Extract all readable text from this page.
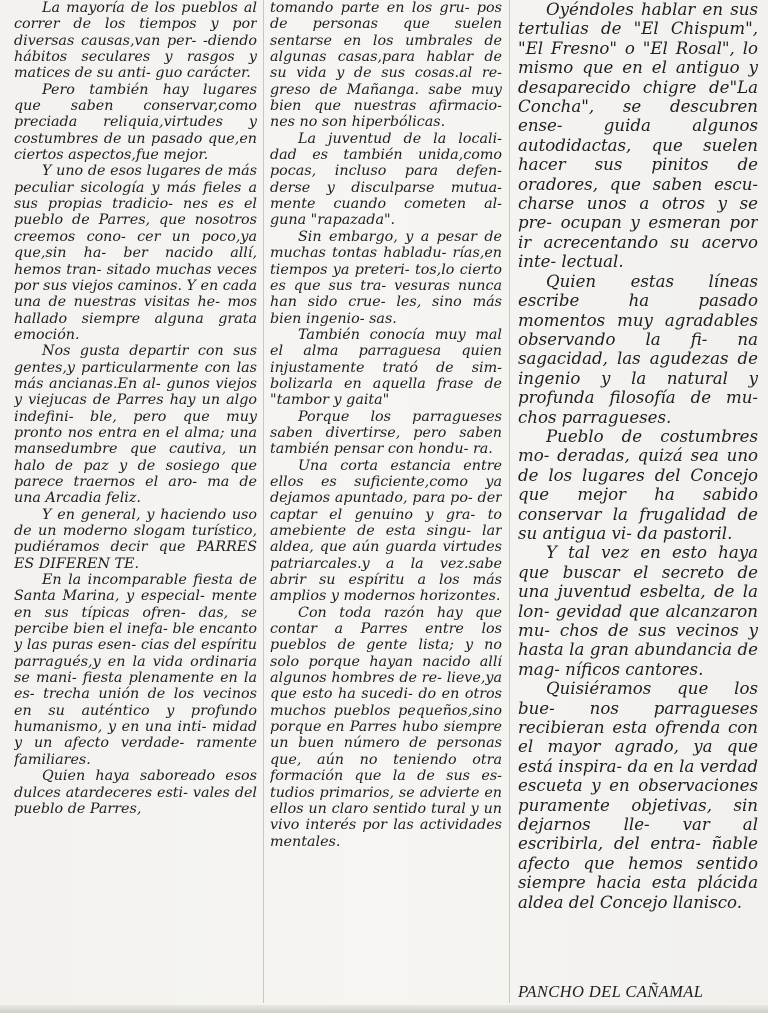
La mayoría de los pueblos al correr de los tiempos y por diversas causas,van per- -diendo hábitos seculares y rasgos y matices de su anti- guo carácter.

Pero también hay lugares que saben conservar,como preciada reliquia,virtudes y costumbres de un pasado que,en ciertos aspectos,fue mejor.

Y uno de esos lugares de más peculiar sicología y más fieles a sus propias tradicio- nes es el pueblo de Parres, que nosotros creemos cono- cer un poco,ya que,sin ha- ber nacido allí, hemos tran- sitado muchas veces por sus viejos caminos. Y en cada una de nuestras visitas he- mos hallado siempre alguna grata emoción.

Nos gusta departir con sus gentes,y particularmente con las más ancianas.En al- gunos viejos y viejucas de Parres hay un algo indefini- ble, pero que muy pronto nos entra en el alma; una mansedumbre que cautiva, un halo de paz y de sosiego que parece traernos el aro- ma de una Arcadia feliz.

Y en general, y haciendo uso de un moderno slogam turístico, pudiéramos decir que PARRES ES DIFEREN TE.

En la incomparable fiesta de Santa Marina, y especial- mente en sus típicas ofren- das, se percibe bien el inefa- ble encanto y las puras esen- cias del espíritu parragués,y en la vida ordinaria se mani- fiesta plenamente en la es- trecha unión de los vecinos en su auténtico y profundo humanismo, y en una inti- midad y un afecto verdade- ramente familiares.

Quien haya saboreado esos dulces atardeceres esti- vales del pueblo de Parres,

tomando parte en los gru- pos de personas que suelen sentarse en los umbrales de algunas casas,para hablar de su vida y de sus cosas.al re- greso de Mañanga. sabe muy bien que nuestras afirmacio- nes no son hiperbólicas.

La juventud de la locali- dad es también unida,como pocas, incluso para defen- derse y disculparse mutua- mente cuando cometen al- guna "rapazada".

Sin embargo, y a pesar de muchas tontas habladu- rías,en tiempos ya preteri- tos,lo cierto es que sus tra- vesuras nunca han sido crue- les, sino más bien ingenio- sas.

También conocía muy mal el alma parraguesa quien injustamente trató de sim- bolizarla en aquella frase de "tambor y gaita"

Porque los parragueses saben divertirse, pero saben también pensar con hondu- ra.

Una corta estancia entre ellos es suficiente,como ya dejamos apuntado, para po- der captar el genuino y gra- to amebiente de esta singu- lar aldea, que aún guarda virtudes patriarcales.y a la vez.sabe abrir su espíritu a los más amplios y modernos horizontes.

Con toda razón hay que contar a Parres entre los pueblos de gente lista; y no solo porque hayan nacido allí algunos hombres de re- lieve,ya que esto ha sucedi- do en otros muchos pueblos pequeños,sino porque en Parres hubo siempre un buen número de personas que, aún no teniendo otra formación que la de sus es- tudios primarios, se advierte en ellos un claro sentido tural y un vivo interés por las actividades mentales.

Oyéndoles hablar en sus tertulias de "El Chispum", "El Fresno" o "El Rosal", lo mismo que en el antiguo y desaparecido chigre de"La Concha", se descubren ense- guida algunos autodidactas, que suelen hacer sus pinitos de oradores, que saben escu- charse unos a otros y se pre- ocupan y esmeran por ir acrecentando su acervo inte- lectual.

Quien estas líneas escribe ha pasado momentos muy agradables observando la fi- na sagacidad, las agudezas de ingenio y la natural y profunda filosofía de mu- chos parragueses.

Pueblo de costumbres mo- deradas, quizá sea uno de los lugares del Concejo que mejor ha sabido conservar la frugalidad de su antigua vi- da pastoril.

Y tal vez en esto haya que buscar el secreto de una juventud esbelta, de la lon- gevidad que alcanzaron mu- chos de sus vecinos y hasta la gran abundancia de mag- níficos cantores.

Quisiéramos que los bue- nos parragueses recibieran esta ofrenda con el mayor agrado, ya que está inspira- da en la verdad escueta y en observaciones puramente objetivas, sin dejarnos lle- var al escribirla, del entra- ñable afecto que hemos sentido siempre hacia esta plácida aldea del Concejo llanisco.

PANCHO DEL CAÑAMAL
